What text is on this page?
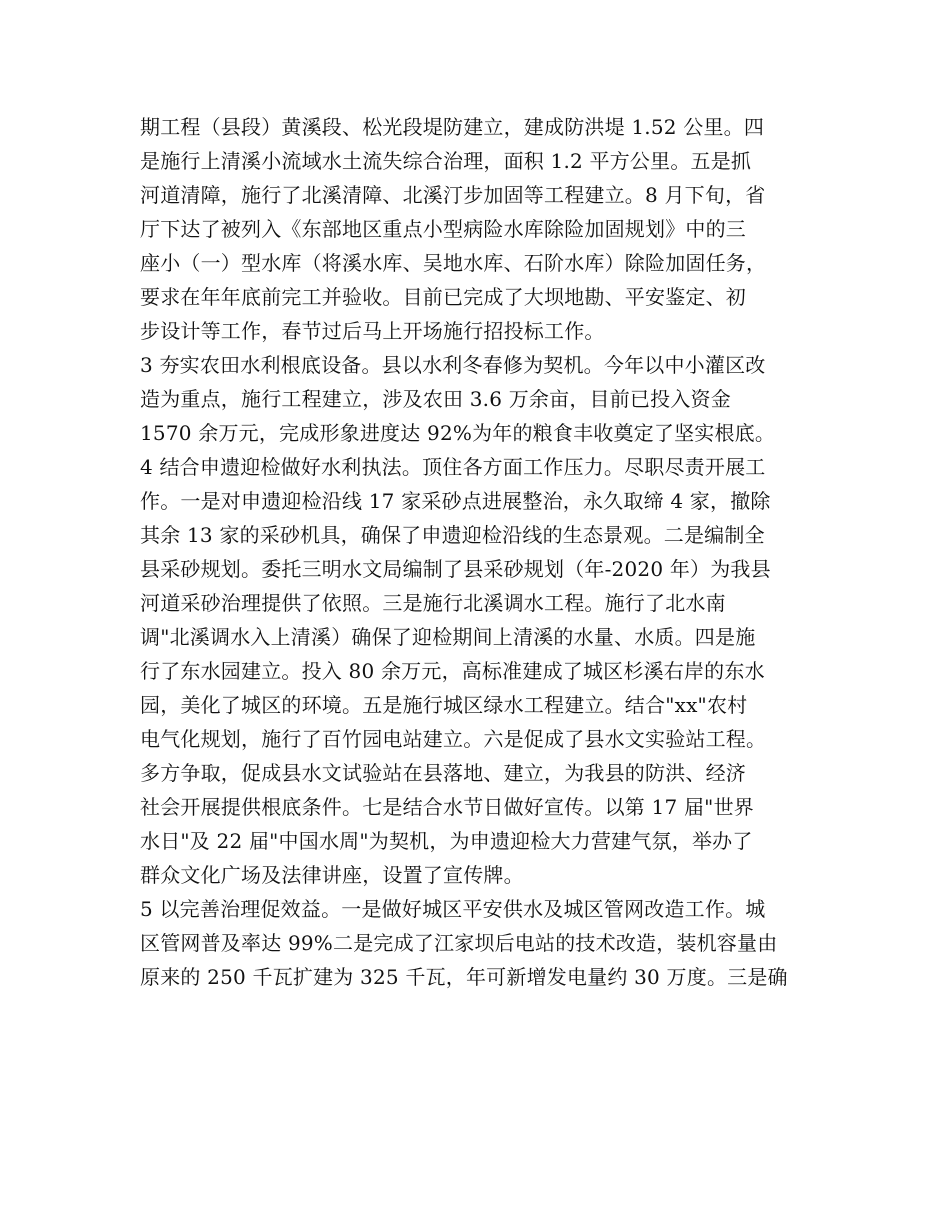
期工程（县段）黄溪段、松光段堤防建立，建成防洪堤 1.52 公里。四
是施行上清溪小流域水土流失综合治理，面积 1.2 平方公里。五是抓
河道清障，施行了北溪清障、北溪汀步加固等工程建立。8 月下旬，省
厅下达了被列入《东部地区重点小型病险水库除险加固规划》中的三
座小（一）型水库（将溪水库、吴地水库、石阶水库）除险加固任务，
要求在年年底前完工并验收。目前已完成了大坝地勘、平安鉴定、初
步设计等工作，春节过后马上开场施行招投标工作。
3 夯实农田水利根底设备。县以水利冬春修为契机。今年以中小灌区改
造为重点，施行工程建立，涉及农田 3.6 万余亩，目前已投入资金
1570 余万元，完成形象进度达 92%为年的粮食丰收奠定了坚实根底。
4 结合申遗迎检做好水利执法。顶住各方面工作压力。尽职尽责开展工
作。一是对申遗迎检沿线 17 家采砂点进展整治，永久取缔 4 家，撤除
其余 13 家的采砂机具，确保了申遗迎检沿线的生态景观。二是编制全
县采砂规划。委托三明水文局编制了县采砂规划（年-2020 年）为我县
河道采砂治理提供了依照。三是施行北溪调水工程。施行了北水南
调"北溪调水入上清溪）确保了迎检期间上清溪的水量、水质。四是施
行了东水园建立。投入 80 余万元，高标准建成了城区杉溪右岸的东水
园，美化了城区的环境。五是施行城区绿水工程建立。结合"xx"农村
电气化规划，施行了百竹园电站建立。六是促成了县水文实验站工程。
多方争取，促成县水文试验站在县落地、建立，为我县的防洪、经济
社会开展提供根底条件。七是结合水节日做好宣传。以第 17 届"世界
水日"及 22 届"中国水周"为契机，为申遗迎检大力营建气氛，举办了
群众文化广场及法律讲座，设置了宣传牌。
5 以完善治理促效益。一是做好城区平安供水及城区管网改造工作。城
区管网普及率达 99%二是完成了江家坝后电站的技术改造，装机容量由
原来的 250 千瓦扩建为 325 千瓦，年可新增发电量约 30 万度。三是确
